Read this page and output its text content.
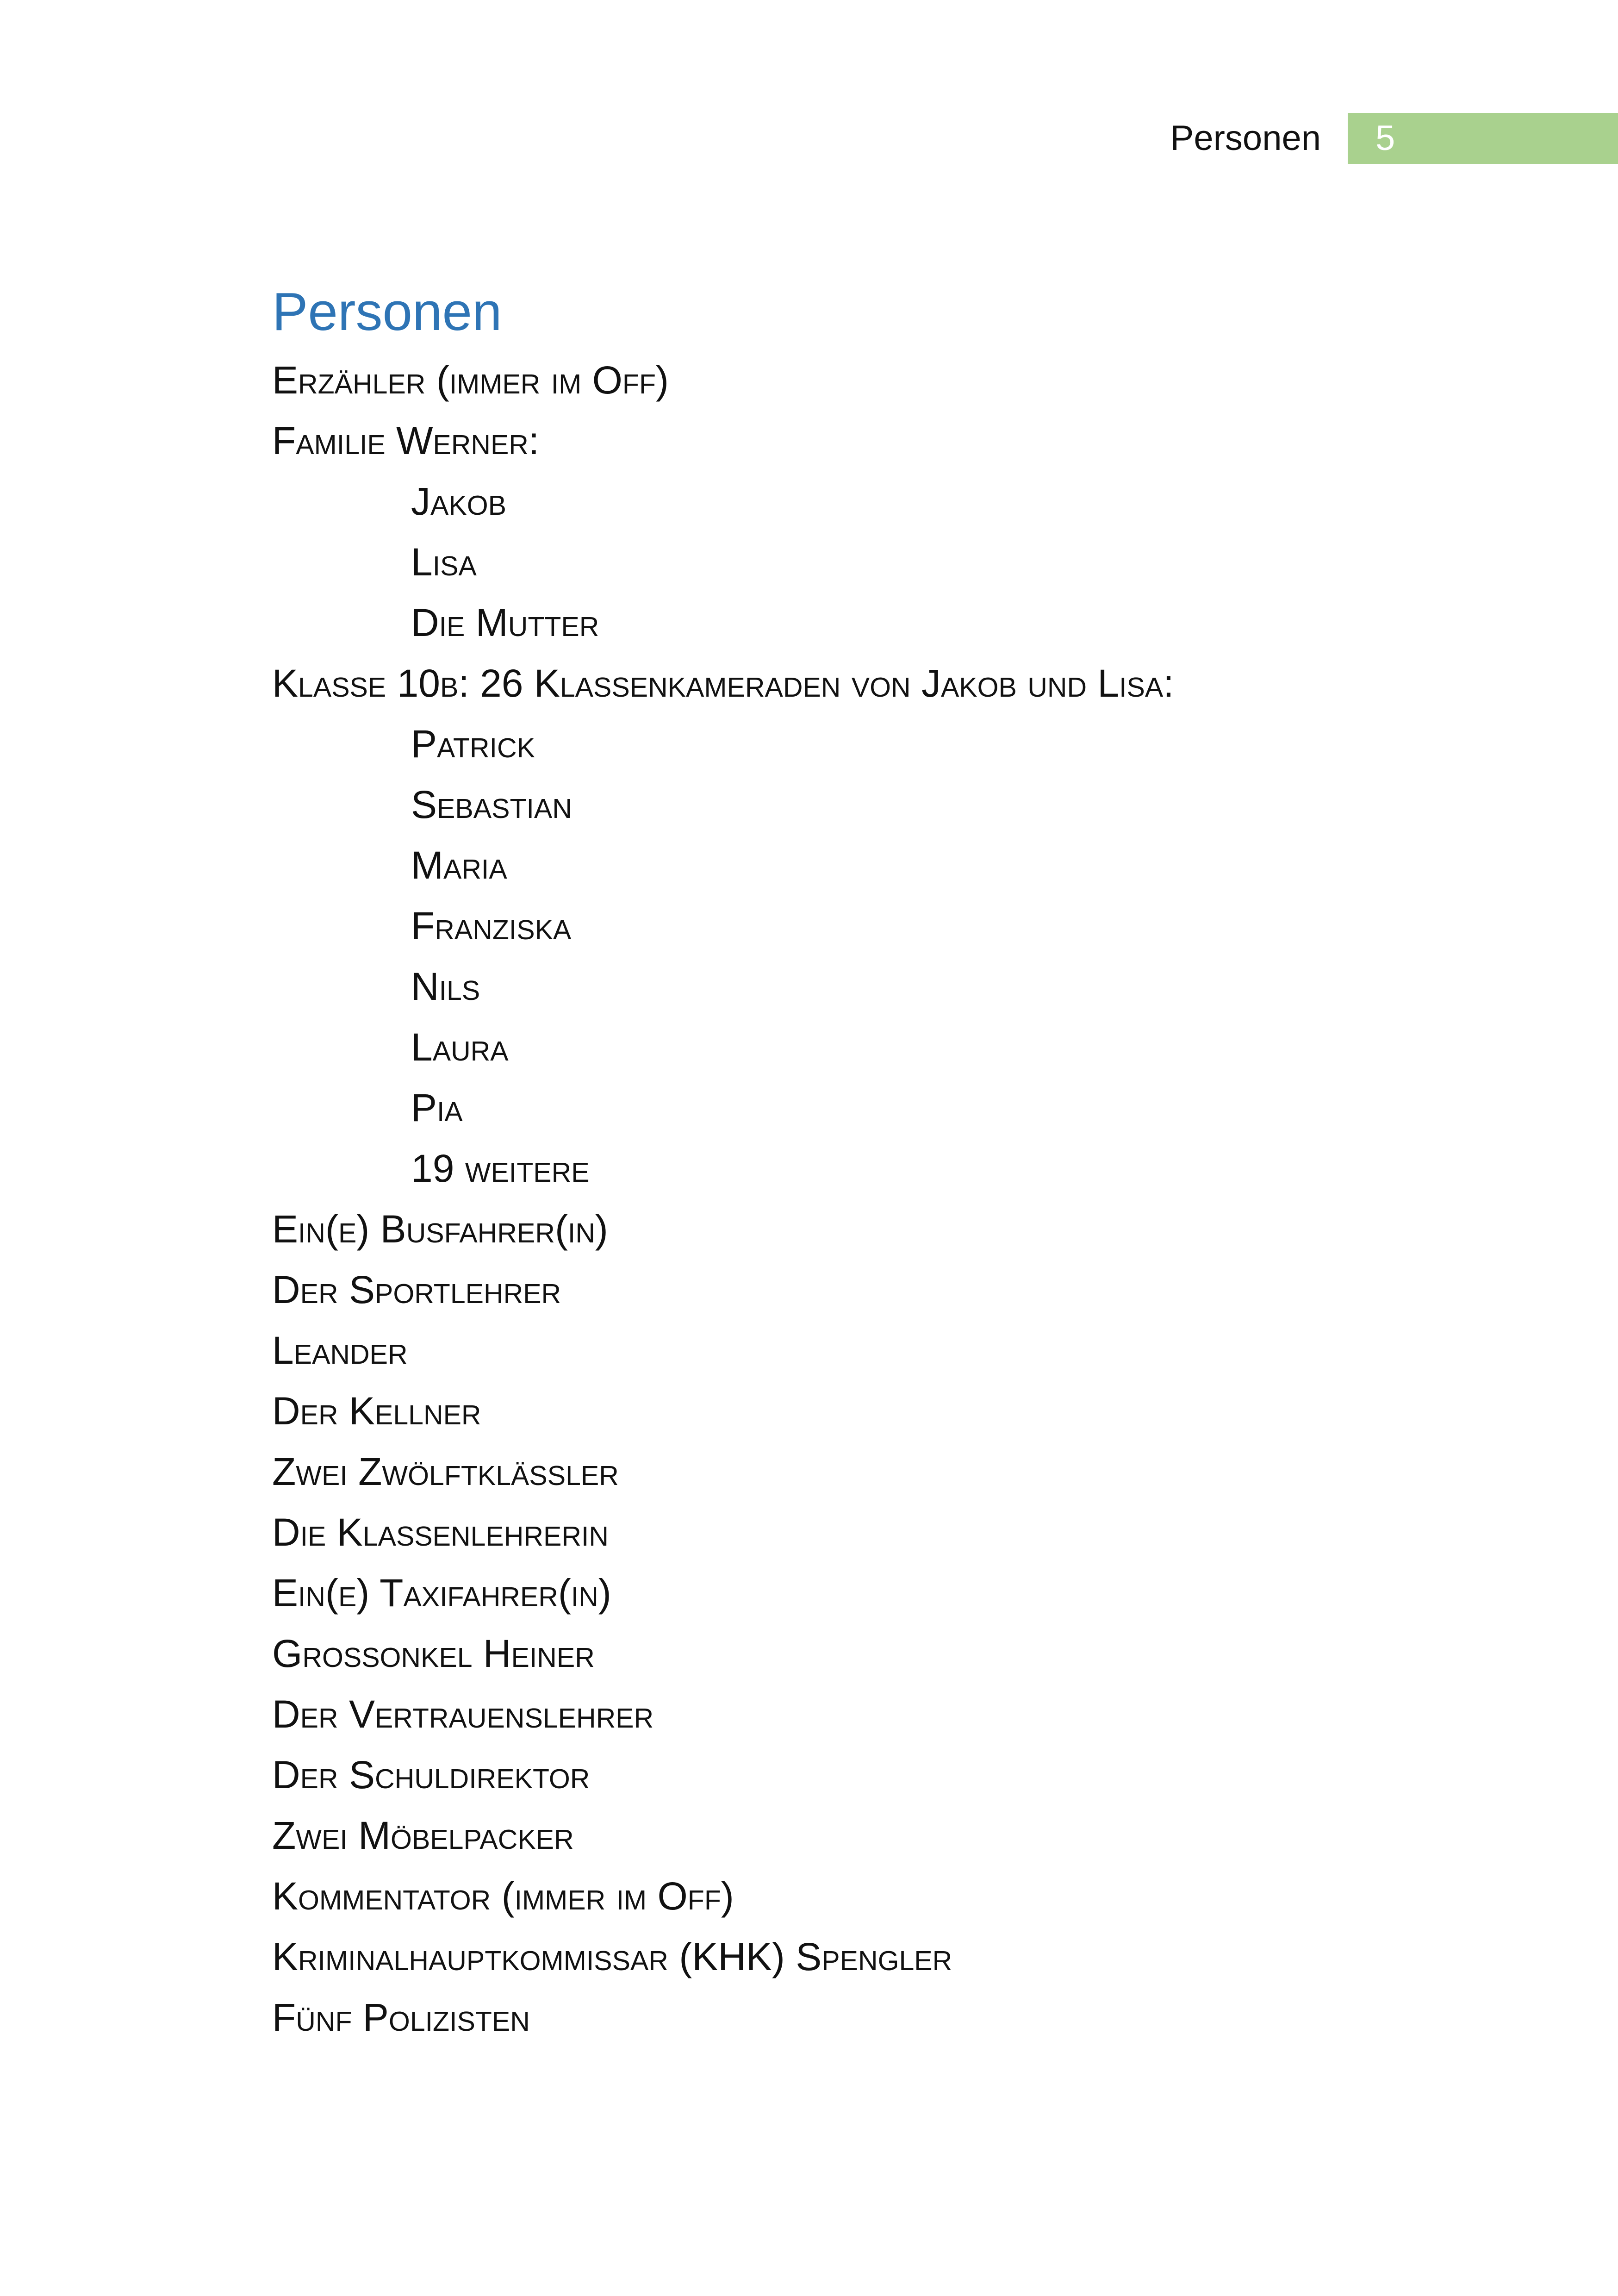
Personen	5
Personen
Erzähler (immer im Off)
Familie Werner:
Jakob
Lisa
Die Mutter
Klasse 10b: 26 Klassenkameraden von Jakob und Lisa:
Patrick
Sebastian
Maria
Franziska
Nils
Laura
Pia
19 weitere
Ein(e) Busfahrer(in)
Der Sportlehrer
Leander
Der Kellner
Zwei Zwölftklässler
Die Klassenlehrerin
Ein(e) Taxifahrer(in)
Großonkel Heiner
Der Vertrauenslehrer
Der Schuldirektor
Zwei Möbelpacker
Kommentator (immer im Off)
Kriminalhauptkommissar (KHK) Spengler
Fünf Polizisten
